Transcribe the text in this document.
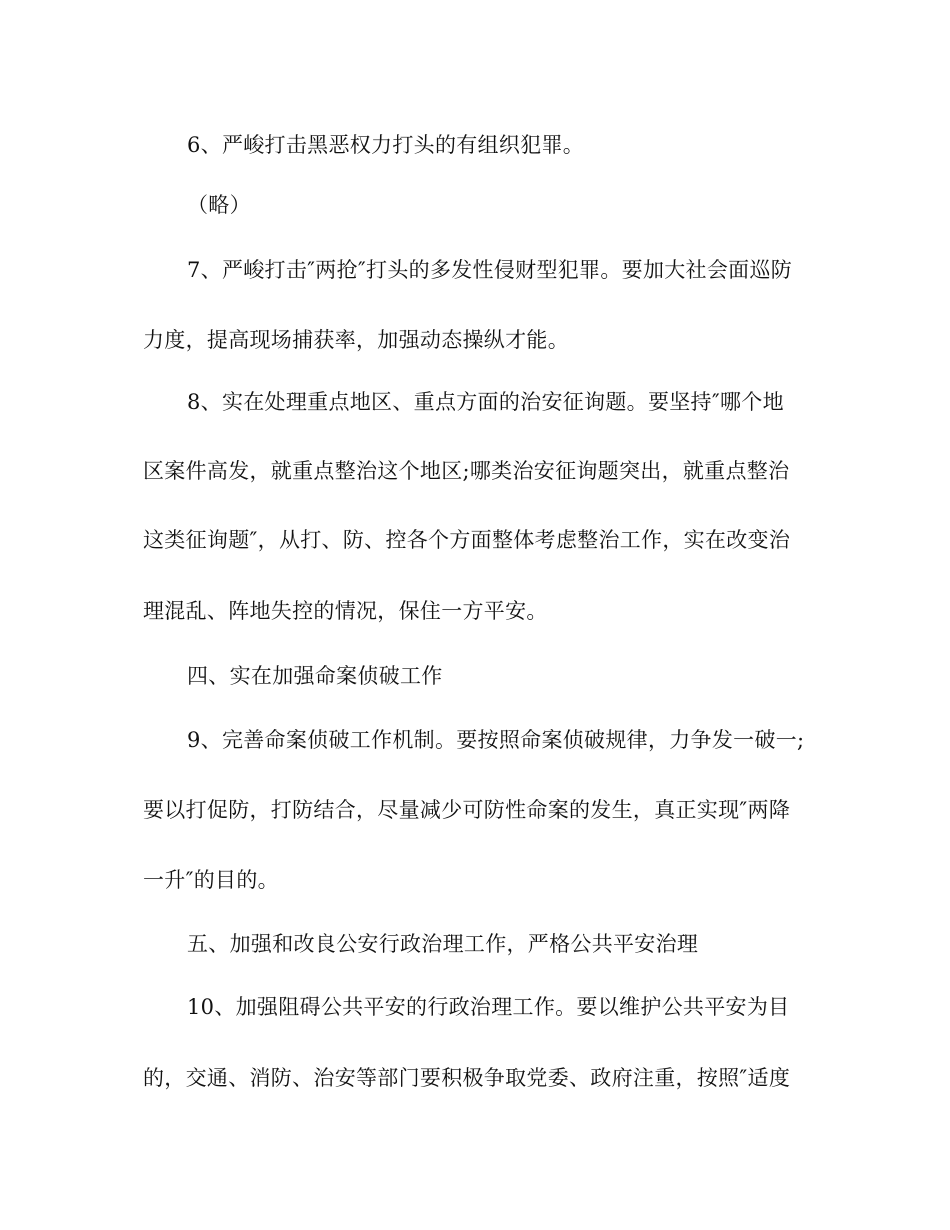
6、严峻打击黑恶权力打头的有组织犯罪。
（略）
7、严峻打击″两抢″打头的多发性侵财型犯罪。要加大社会面巡防
力度，提高现场捕获率，加强动态操纵才能。
8、实在处理重点地区、重点方面的治安征询题。要坚持″哪个地
区案件高发，就重点整治这个地区;哪类治安征询题突出，就重点整治
这类征询题″，从打、防、控各个方面整体考虑整治工作，实在改变治
理混乱、阵地失控的情况，保住一方平安。
四、实在加强命案侦破工作
9、完善命案侦破工作机制。要按照命案侦破规律，力争发一破一;
要以打促防，打防结合，尽量减少可防性命案的发生，真正实现″两降
一升″的目的。
五、加强和改良公安行政治理工作，严格公共平安治理
10、加强阻碍公共平安的行政治理工作。要以维护公共平安为目
的，交通、消防、治安等部门要积极争取党委、政府注重，按照″适度
